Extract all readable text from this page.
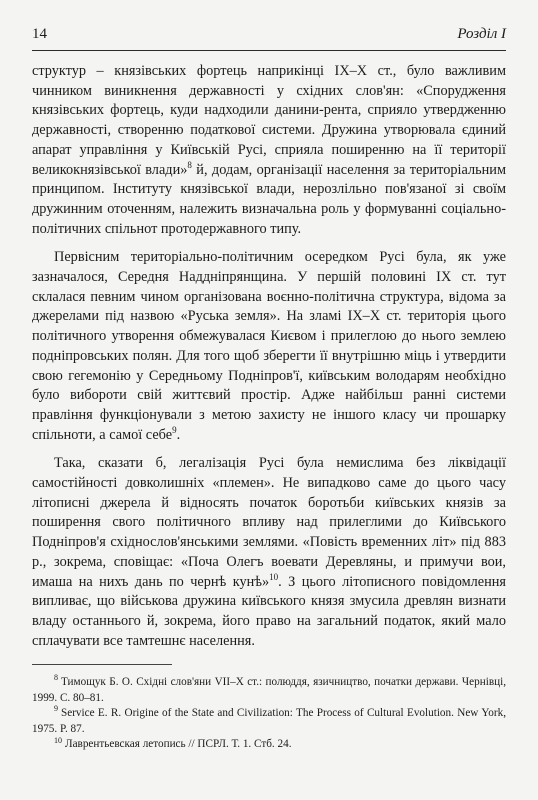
14	Розділ I

структур – князівських фортець наприкінці IX–X ст., було важливим чинником виникнення державності у східних слов'ян: «Спорудження князівських фортець, куди надходили данини-рента, сприяло утвердженню державності, створенню податкової системи. Дружина утворювала єдиний апарат управління у Київській Русі, сприяла поширенню на її території великокнязівської влади»$^8$ й, додам, організації населення за територіальним принципом. Інституту князівської влади, нерозлільно пов'язаної зі своїм дружинним оточенням, належить визначальна роль у формуванні соціально-політичних спільнот протодержавного типу.

Первісним територіально-політичним осередком Русі була, як уже зазначалося, Середня Наддніпрянщина. У першій половині IX ст. тут склалася певним чином організована воєнно-політична структура, відома за джерелами під назвою «Руська земля». На зламі IX–X ст. територія цього політичного утворення обмежувалася Києвом і прилеглою до нього землею подніпровських полян. Для того щоб зберегти її внутрішню міць і утвердити свою гегемонію у Середньому Подніпров'ї, київським володарям необхідно було вибороти свій життєвий простір. Адже найбільш ранні системи правління функціонували з метою захисту не іншого класу чи прошарку спільноти, а самої себе$^9$.

Така, сказати б, легалізація Русі була немислима без ліквідації самостійності довколишніх «племен». Не випадково саме до цього часу літописні джерела й відносять початок боротьби київських князів за поширення свого політичного впливу над прилеглими до Київського Подніпров'я східнослов'янськими землями. «Повість временних літ» під 883 р., зокрема, сповіщає: «Поча Олегъ воевати Деревляны, и примучи вои, имаша на нихъ дань по чернѣ кунѣ»$^{10}$. З цього літописного повідомлення випливає, що військова дружина київського князя змусила древлян визнати владу останнього й, зокрема, його право на загальний податок, який мало сплачувати все тамтешнє населення.

$^8$ Тимощук Б. О. Східні слов'яни VII–X ст.: полюддя, язичництво, початки держави. Чернівці, 1999. С. 80–81.

$^9$ Service E. R. Origine of the State and Civilization: The Process of Cultural Evolution. New York, 1975. P. 87.

$^{10}$ Лаврентьевская летопись // ПСРЛ. Т. 1. Стб. 24.
